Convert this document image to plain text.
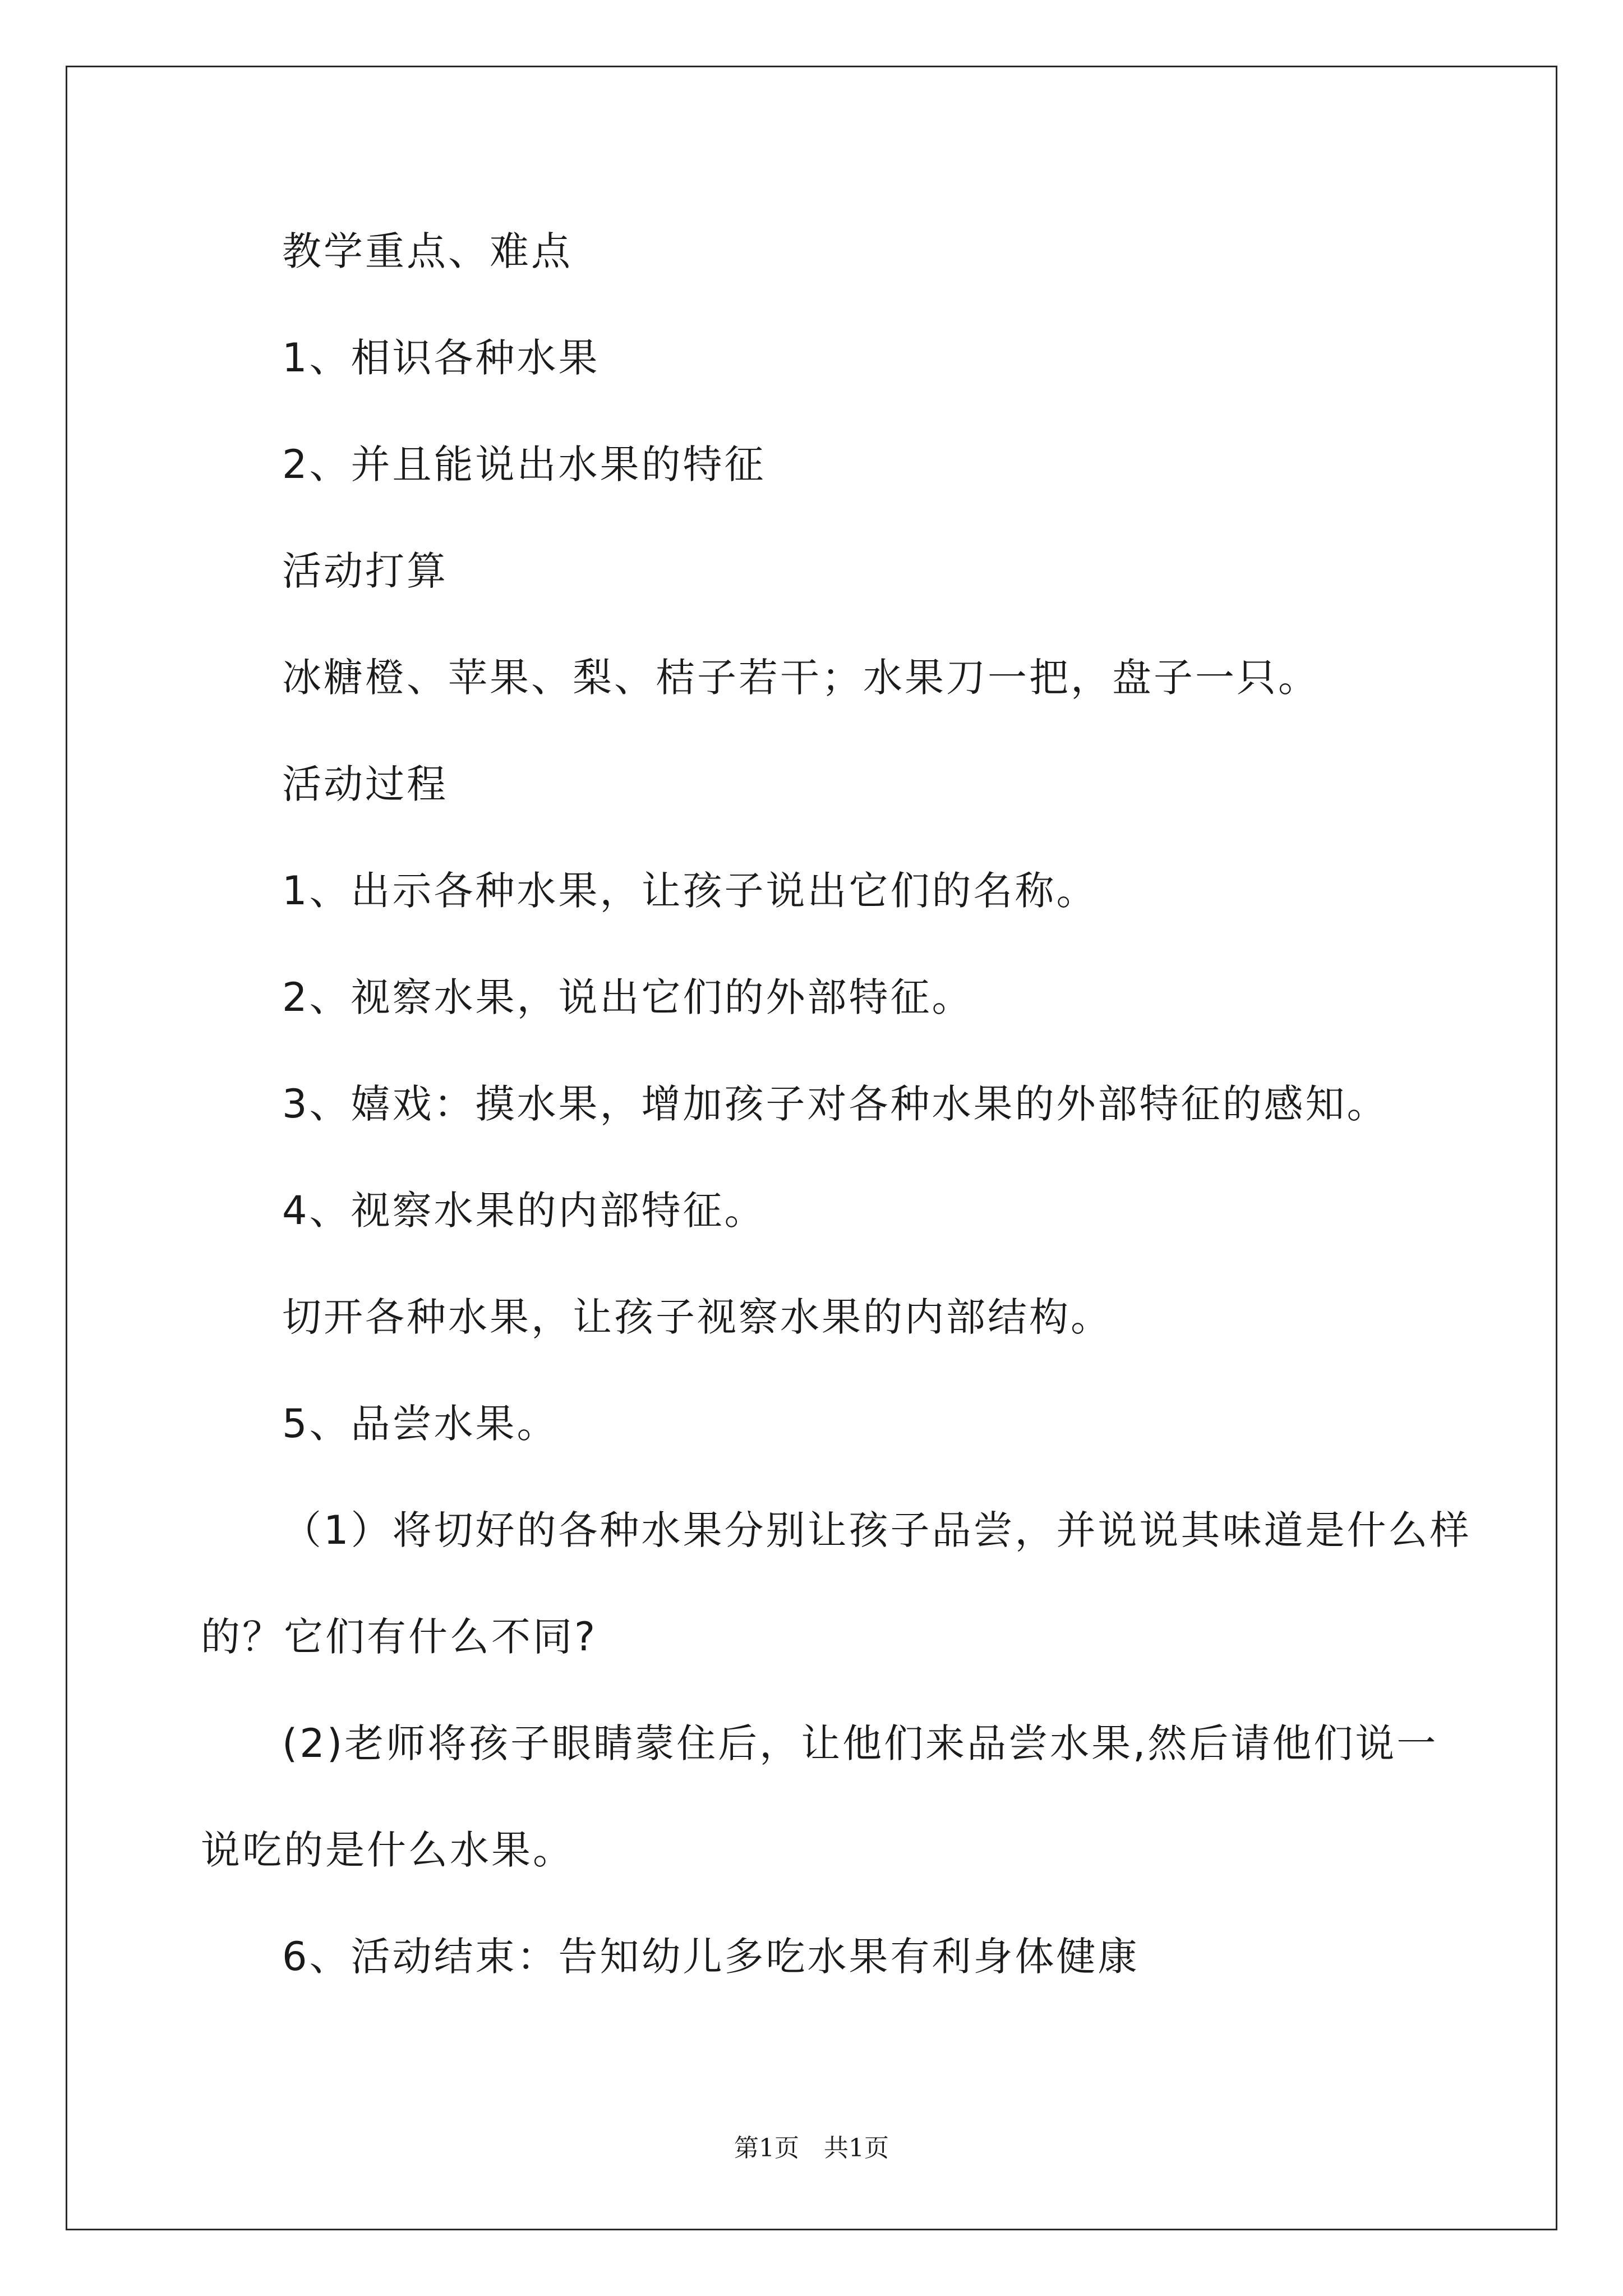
教学重点、难点
1、相识各种水果
2、并且能说出水果的特征
活动打算
冰糖橙、苹果、梨、桔子若干；水果刀一把，盘子一只。
活动过程
1、出示各种水果，让孩子说出它们的名称。
2、视察水果，说出它们的外部特征。
3、嬉戏：摸水果，增加孩子对各种水果的外部特征的感知。
4、视察水果的内部特征。
切开各种水果，让孩子视察水果的内部结构。
5、品尝水果。
（1）将切好的各种水果分别让孩子品尝，并说说其味道是什么样
的？它们有什么不同?
(2)老师将孩子眼睛蒙住后，让他们来品尝水果,然后请他们说一
说吃的是什么水果。
6、活动结束：告知幼儿多吃水果有利身体健康
第1页 共1页
